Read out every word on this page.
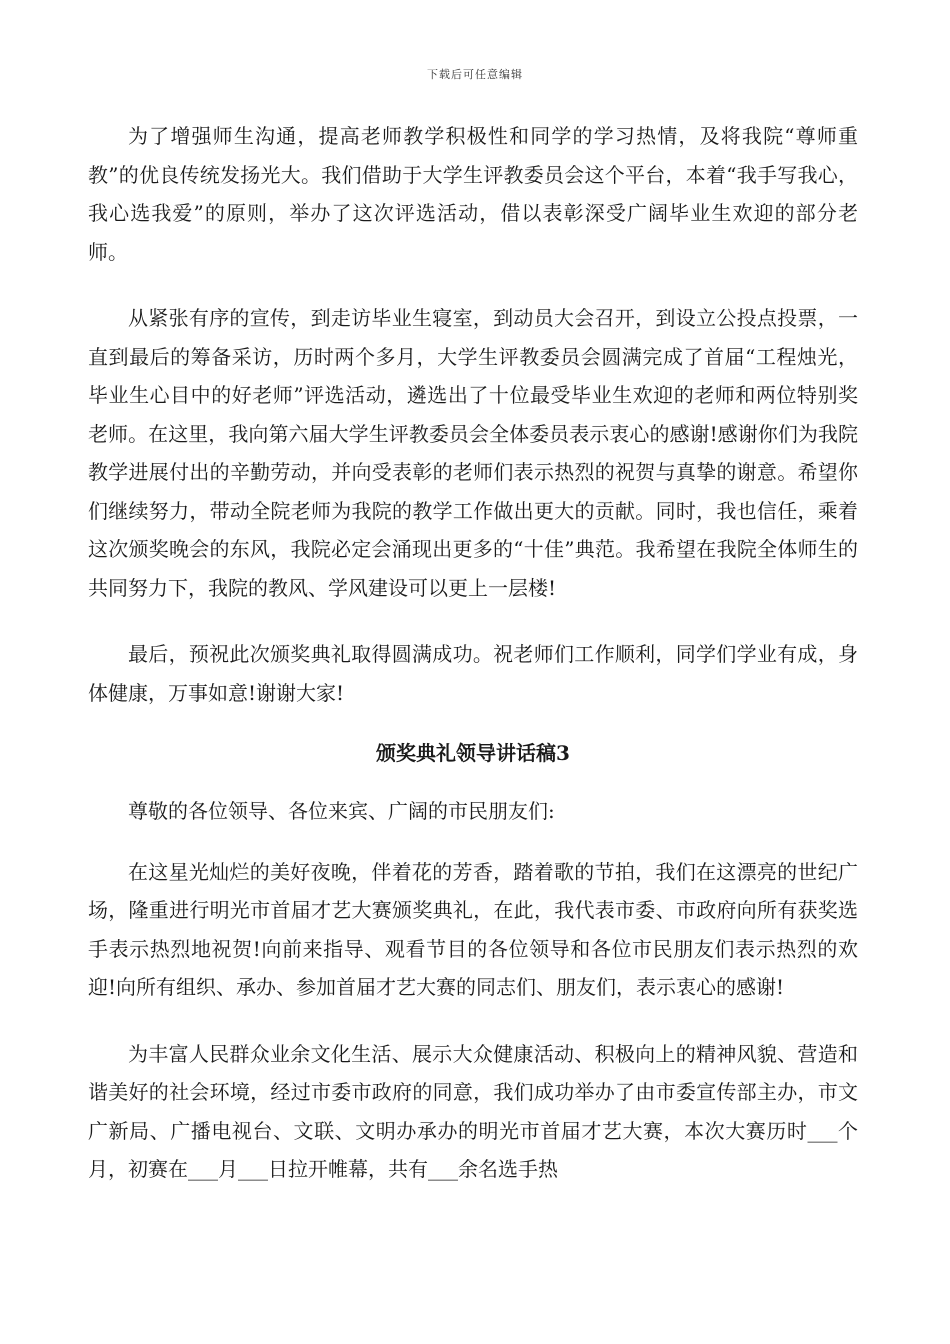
下载后可任意编辑

为了增强师生沟通，提高老师教学积极性和同学的学习热情，及将我院“尊师重教”的优良传统发扬光大。我们借助于大学生评教委员会这个平台，本着“我手写我心，我心选我爱”的原则，举办了这次评选活动，借以表彰深受广阔毕业生欢迎的部分老师。

从紧张有序的宣传，到走访毕业生寝室，到动员大会召开，到设立公投点投票，一直到最后的筹备采访，历时两个多月，大学生评教委员会圆满完成了首届“工程烛光，毕业生心目中的好老师”评选活动，遴选出了十位最受毕业生欢迎的老师和两位特别奖老师。在这里，我向第六届大学生评教委员会全体委员表示衷心的感谢!感谢你们为我院教学进展付出的辛勤劳动，并向受表彰的老师们表示热烈的祝贺与真挚的谢意。希望你们继续努力，带动全院老师为我院的教学工作做出更大的贡献。同时，我也信任，乘着这次颁奖晚会的东风，我院必定会涌现出更多的“十佳”典范。我希望在我院全体师生的共同努力下，我院的教风、学风建设可以更上一层楼!

最后，预祝此次颁奖典礼取得圆满成功。祝老师们工作顺利，同学们学业有成，身体健康，万事如意!谢谢大家!

颁奖典礼领导讲话稿3

尊敬的各位领导、各位来宾、广阔的市民朋友们:

在这星光灿烂的美好夜晚，伴着花的芳香，踏着歌的节拍，我们在这漂亮的世纪广场，隆重进行明光市首届才艺大赛颁奖典礼，在此，我代表市委、市政府向所有获奖选手表示热烈地祝贺!向前来指导、观看节目的各位领导和各位市民朋友们表示热烈的欢迎!向所有组织、承办、参加首届才艺大赛的同志们、朋友们，表示衷心的感谢!

为丰富人民群众业余文化生活、展示大众健康活动、积极向上的精神风貌、营造和谐美好的社会环境，经过市委市政府的同意，我们成功举办了由市委宣传部主办，市文广新局、广播电视台、文联、文明办承办的明光市首届才艺大赛，本次大赛历时___个月，初赛在___月___日拉开帷幕，共有___余名选手热
